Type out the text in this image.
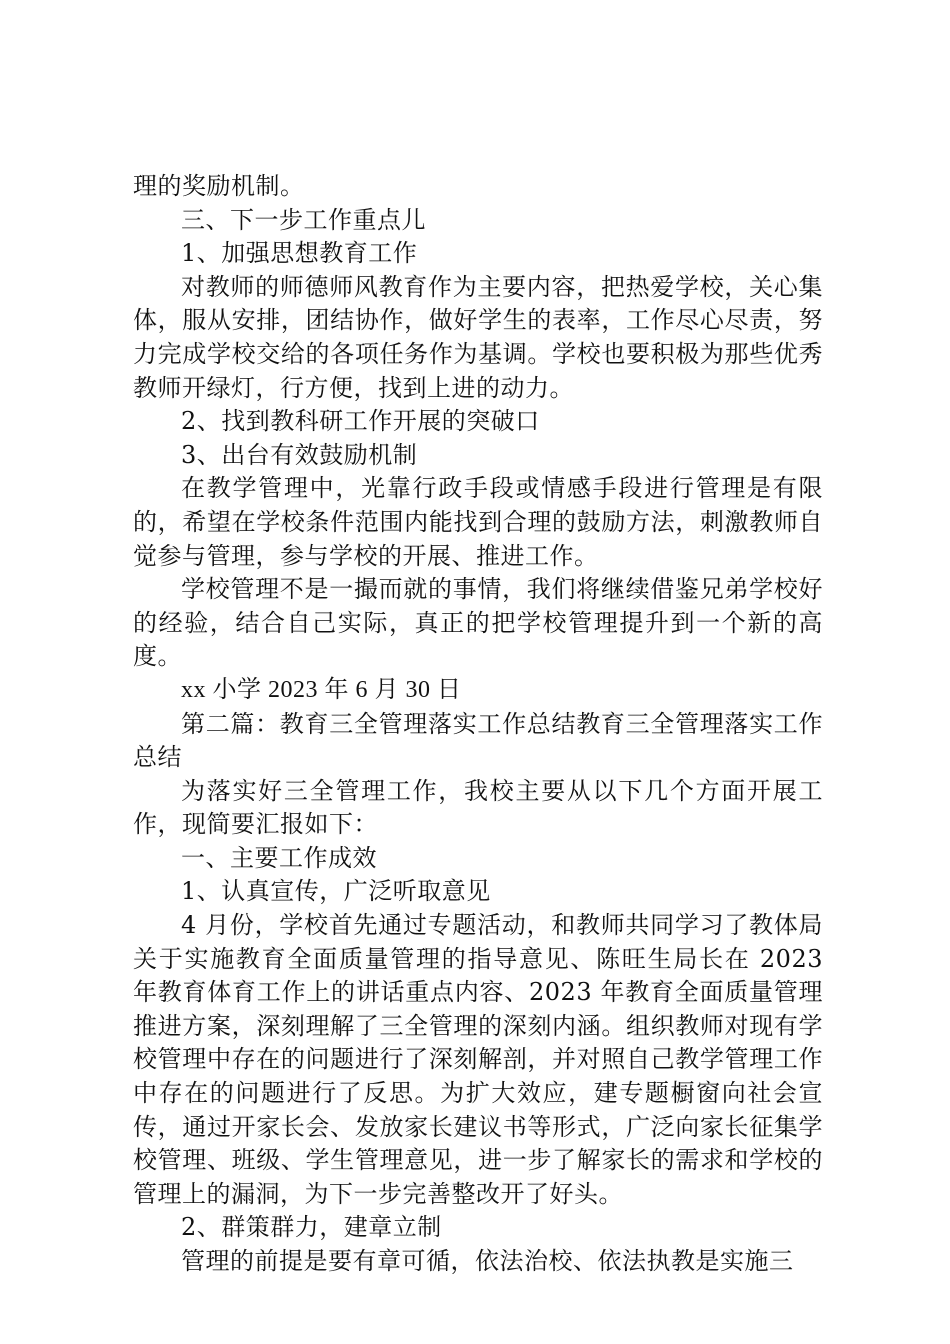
理的奖励机制。

三、下一步工作重点儿

1、加强思想教育工作

对教师的师德师风教育作为主要内容，把热爱学校，关心集体，服从安排，团结协作，做好学生的表率，工作尽心尽责，努力完成学校交给的各项任务作为基调。学校也要积极为那些优秀教师开绿灯，行方便，找到上进的动力。

2、找到教科研工作开展的突破口

3、出台有效鼓励机制

在教学管理中，光靠行政手段或情感手段进行管理是有限的，希望在学校条件范围内能找到合理的鼓励方法，刺激教师自觉参与管理，参与学校的开展、推进工作。

学校管理不是一撮而就的事情，我们将继续借鉴兄弟学校好的经验，结合自己实际，真正的把学校管理提升到一个新的高度。

xx 小学 2023 年 6 月 30 日

第二篇：教育三全管理落实工作总结教育三全管理落实工作总结

为落实好三全管理工作，我校主要从以下几个方面开展工作，现简要汇报如下：

一、主要工作成效

1、认真宣传，广泛听取意见

4 月份，学校首先通过专题活动，和教师共同学习了教体局关于实施教育全面质量管理的指导意见、陈旺生局长在 2023 年教育体育工作上的讲话重点内容、2023 年教育全面质量管理推进方案，深刻理解了三全管理的深刻内涵。组织教师对现有学校管理中存在的问题进行了深刻解剖，并对照自己教学管理工作中存在的问题进行了反思。为扩大效应，建专题橱窗向社会宣传，通过开家长会、发放家长建议书等形式，广泛向家长征集学校管理、班级、学生管理意见，进一步了解家长的需求和学校的管理上的漏洞，为下一步完善整改开了好头。

2、群策群力，建章立制

管理的前提是要有章可循，依法治校、依法执教是实施三
